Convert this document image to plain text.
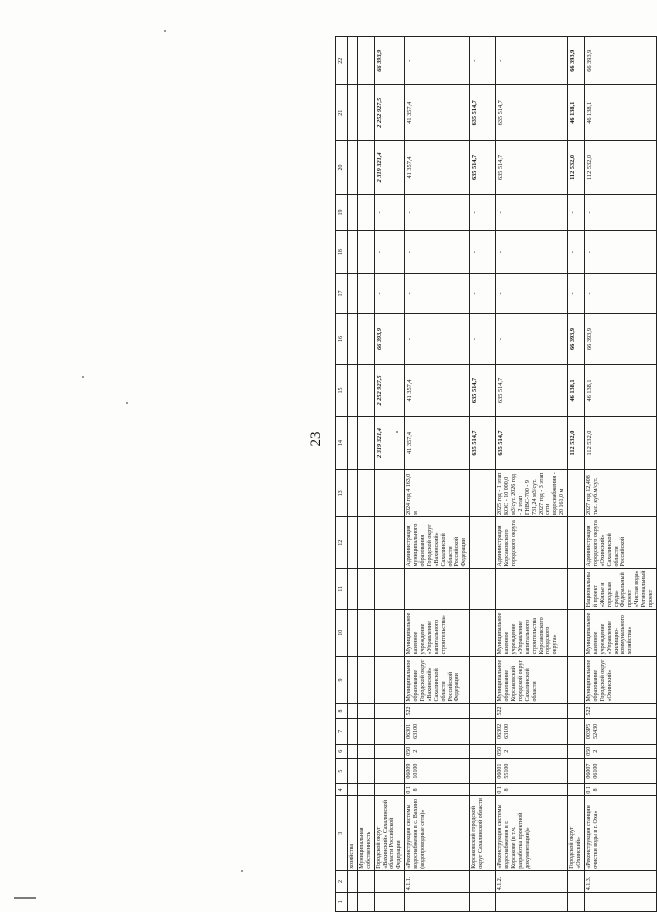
23
1	2	3	4	5	6	7	8	9	10	11	12	13	14	15	16	17	18	19	20	21	22
		хозяйства																			
		Муниципальная собственность																			
		Городской округ «Вахинский» Сахалинской области Российской Федерации											2 319 321,4	2 252 927,5	66 393,9	-	-	-	2 319 321,4	2 252 927,5	66 393,9
	4.1.1.	«Реконструкция системы водоснабжения в с. Вахино (водопроводные сети)»	0 1 8	06009 10100	050 2	06301 63100	522	Муниципальное образование Городской округ «Вахинский» Сахалинской области Российской Федерации	Муниципальное казенное учреждение «Управление капитального строительства»		Администрация муниципального образования Городской округ «Вахинский» Сахалинской области Российской Федерации	2024 год 4 163,0 м	41 357,4	41 357,4	-	-	-	-	41 357,4	41 357,4	-
		Корсаковский городской округ Сахалинской области											635 514,7	635 514,7	-	-	-	-	635 514,7	635 514,7	-
	4.1.2.	«Реконструкция системы водоснабжения в г. Корсакове (в т.ч. разработка проектной документации)»	0 1 8	06001 55100	050 2	06302 63100	522	Муниципальное образование Корсаковский городской округ Сахалинской области	Муниципальное казенное учреждение «Управление капитального строительства Корсаковского городского округа»		Администрация Корсаковского городского округа	2025 год - 1 этап КОС - 10 000,0 м3/сут. 2026 год - 2 этап ГНВС-700 - 9 731,24 м3/сут. 2027 год - 3 этап сети водоснабжения - 20 161,0 м	635 514,7	635 514,7	-	-	-	-	635 514,7	635 514,7	-
		Городской округ «Охинский»											112 532,0	46 138,1	66 393,9	-	-	-	112 532,0	46 138,1	66 393,9
	4.1.3.	«Реконструкция станции очистки воды в г. Оха»	0 1 8	06007 06100	050 2	003P5 52430	522	Муниципальное образование Городской округ «Охинский»	Муниципальное казенное учреждение «Управление жилищно-коммунального хозяйства»	Национальный проект «Жилье и городская среда» Федеральный проект «Чистая вода» Региональный проект	Администрация городского округа «Охинский» Сахалинской области Российской	2027 год 12,408 тыс. куб.м/сут.	112 532,0	46 138,1	66 393,9	-	-	-	112 532,0	46 138,1	66 393,9
